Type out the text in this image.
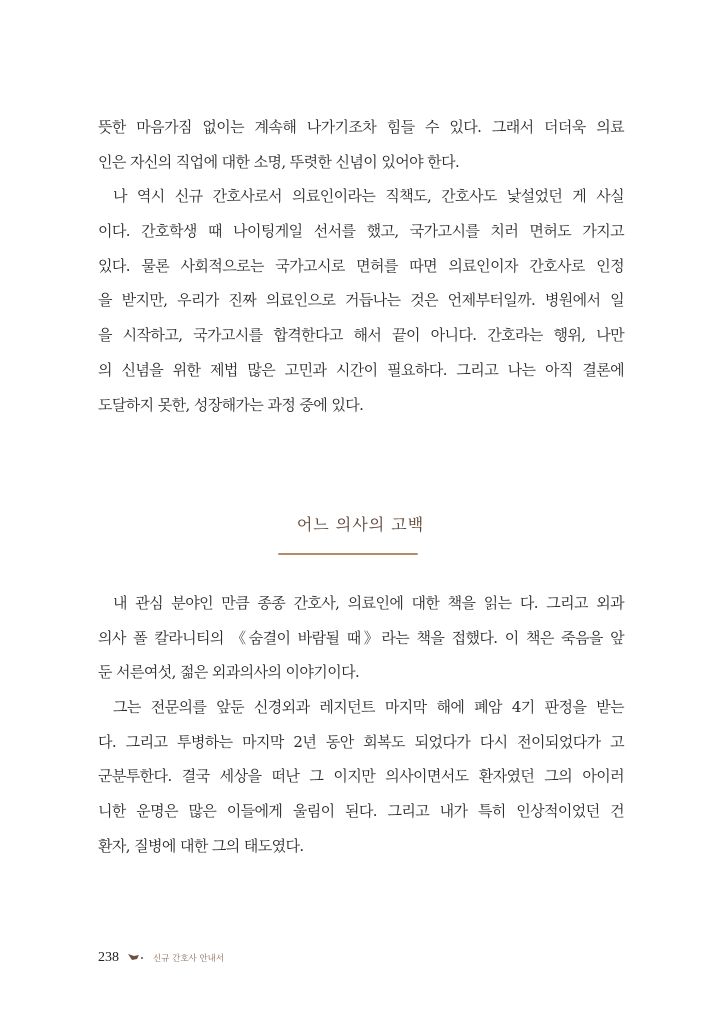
뜻한 마음가짐 없이는 계속해 나가기조차 힘들 수 있다. 그래서 더더욱 의료
인은 자신의 직업에 대한 소명, 뚜렷한 신념이 있어야 한다.
나 역시 신규 간호사로서 의료인이라는 직책도, 간호사도 낯설었던 게 사실
이다. 간호학생 때 나이팅게일 선서를 했고, 국가고시를 치러 면허도 가지고
있다. 물론 사회적으로는 국가고시로 면허를 따면 의료인이자 간호사로 인정
을 받지만, 우리가 진짜 의료인으로 거듭나는 것은 언제부터일까. 병원에서 일
을 시작하고, 국가고시를 합격한다고 해서 끝이 아니다. 간호라는 행위, 나만
의 신념을 위한 제법 많은 고민과 시간이 필요하다. 그리고 나는 아직 결론에
도달하지 못한, 성장해가는 과정 중에 있다.
어느 의사의 고백
내 관심 분야인 만큼 종종 간호사, 의료인에 대한 책을 읽는 다. 그리고 외과
의사 폴 칼라니티의 《숨결이 바람될 때》라는 책을 접했다. 이 책은 죽음을 앞
둔 서른여섯, 젊은 외과의사의 이야기이다.
그는 전문의를 앞둔 신경외과 레지던트 마지막 해에 폐암 4기 판정을 받는
다. 그리고 투병하는 마지막 2년 동안 회복도 되었다가 다시 전이되었다가 고
군분투한다. 결국 세상을 떠난 그 이지만 의사이면서도 환자였던 그의 아이러
니한 운명은 많은 이들에게 울림이 된다. 그리고 내가 특히 인상적이었던 건
환자, 질병에 대한 그의 태도였다.
238	신규 간호사 안내서
